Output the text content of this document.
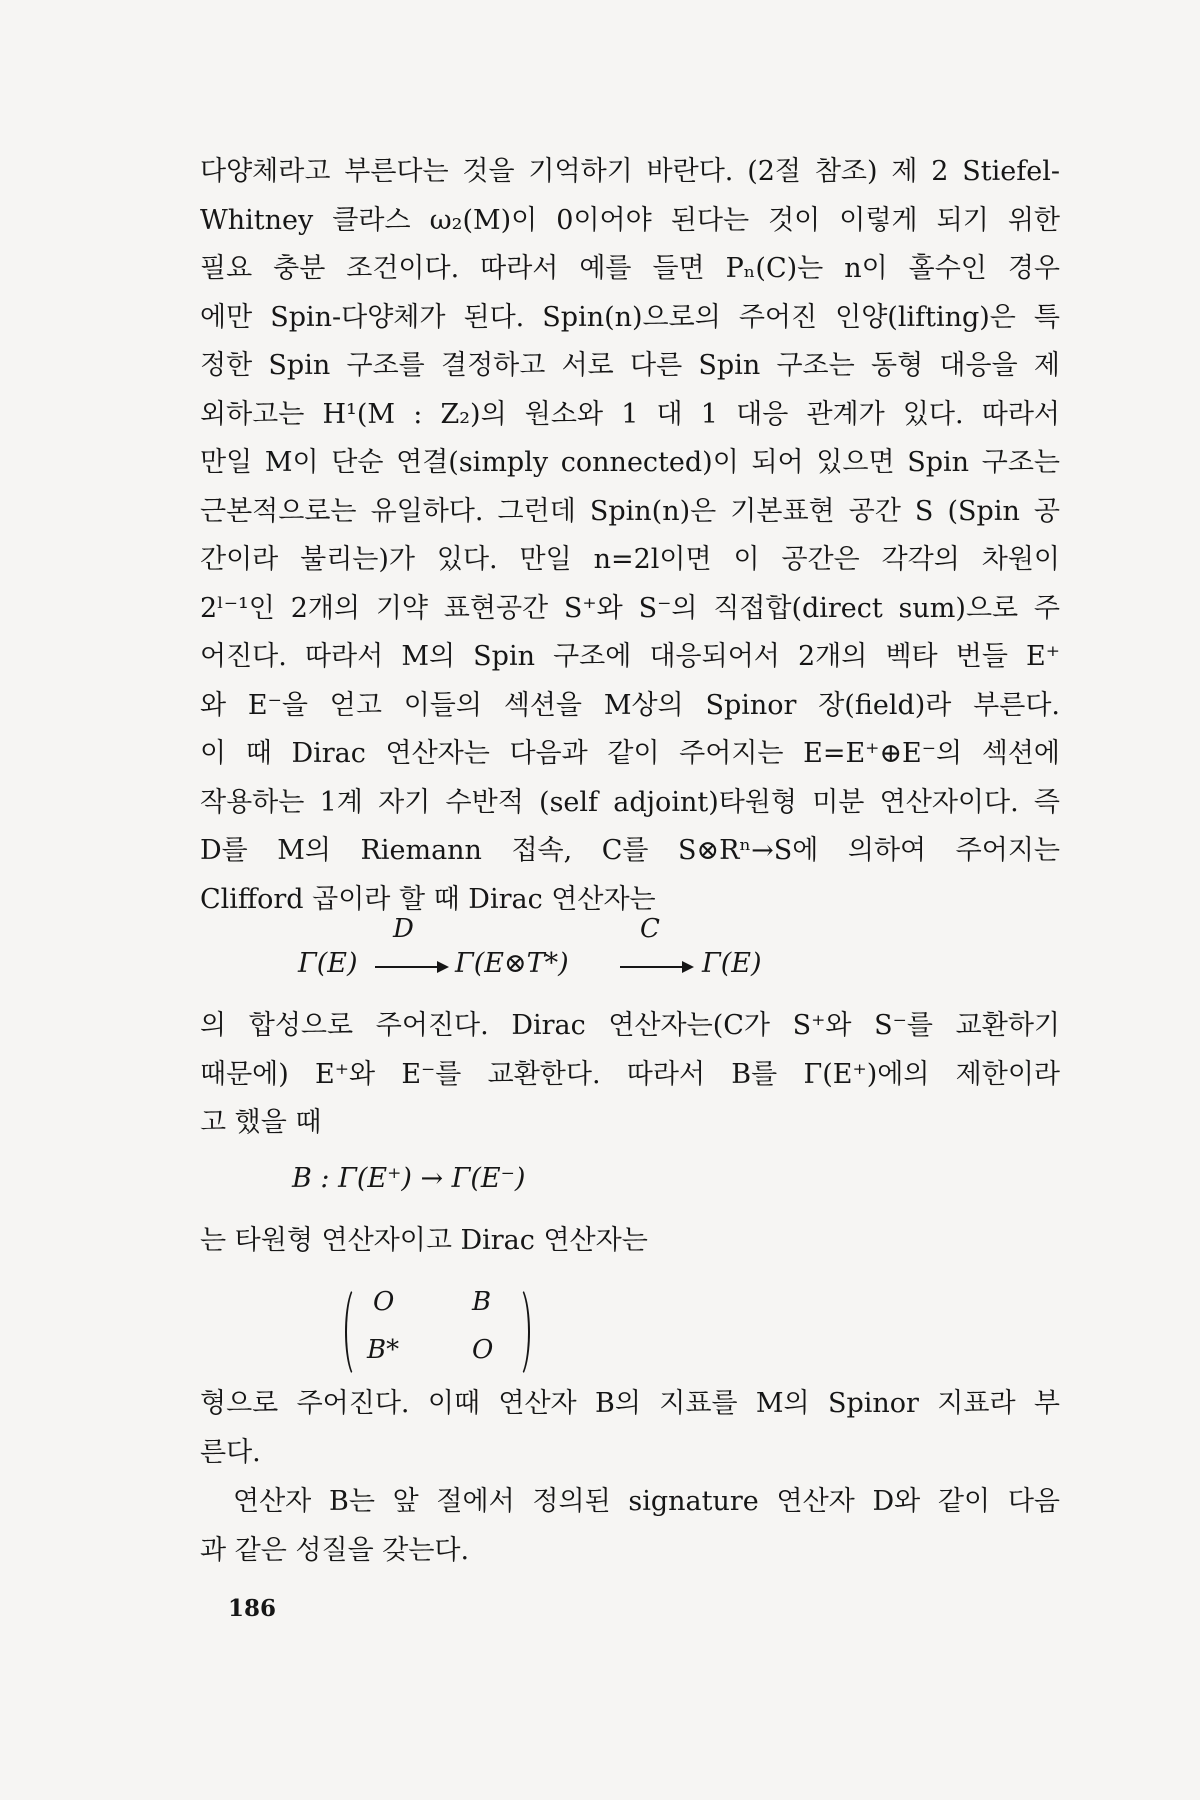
다양체라고 부른다는 것을 기억하기 바란다. (2절 참조) 제 2 Stiefel-
Whitney 클라스 ω₂(M)이 0이어야 된다는 것이 이렇게 되기 위한
필요 충분 조건이다. 따라서 예를 들면 Pₙ(C)는 n이 홀수인 경우
에만 Spin-다양체가 된다. Spin(n)으로의 주어진 인양(lifting)은 특
정한 Spin 구조를 결정하고 서로 다른 Spin 구조는 동형 대응을 제
외하고는 H¹(M : Z₂)의 원소와 1 대 1 대응 관계가 있다. 따라서
만일 M이 단순 연결(simply connected)이 되어 있으면 Spin 구조는
근본적으로는 유일하다. 그런데 Spin(n)은 기본표현 공간 S (Spin 공
간이라 불리는)가 있다. 만일 n=2l이면 이 공간은 각각의 차원이
2ˡ⁻¹인 2개의 기약 표현공간 S⁺와 S⁻의 직접합(direct sum)으로 주
어진다. 따라서 M의 Spin 구조에 대응되어서 2개의 벡타 번들 E⁺
와 E⁻을 얻고 이들의 섹션을 M상의 Spinor 장(field)라 부른다.
이 때 Dirac 연산자는 다음과 같이 주어지는 E=E⁺⊕E⁻의 섹션에
작용하는 1계 자기 수반적 (self adjoint)타원형 미분 연산자이다. 즉
D를 M의 Riemann 접속, C를 S⊗Rⁿ→S에 의하여 주어지는
Clifford 곱이라 할 때 Dirac 연산자는
Γ(E)
D
Γ(E⊗T*)
C
Γ(E)
의 합성으로 주어진다. Dirac 연산자는(C가 S⁺와 S⁻를 교환하기
때문에) E⁺와 E⁻를 교환한다. 따라서 B를 Γ(E⁺)에의 제한이라
고 했을 때
B : Γ(E⁺) → Γ(E⁻)
는 타원형 연산자이고 Dirac 연산자는
O	B
B*	O
형으로 주어진다. 이때 연산자 B의 지표를 M의 Spinor 지표라 부
른다.
연산자 B는 앞 절에서 정의된 signature 연산자 D와 같이 다음
과 같은 성질을 갖는다.
186
